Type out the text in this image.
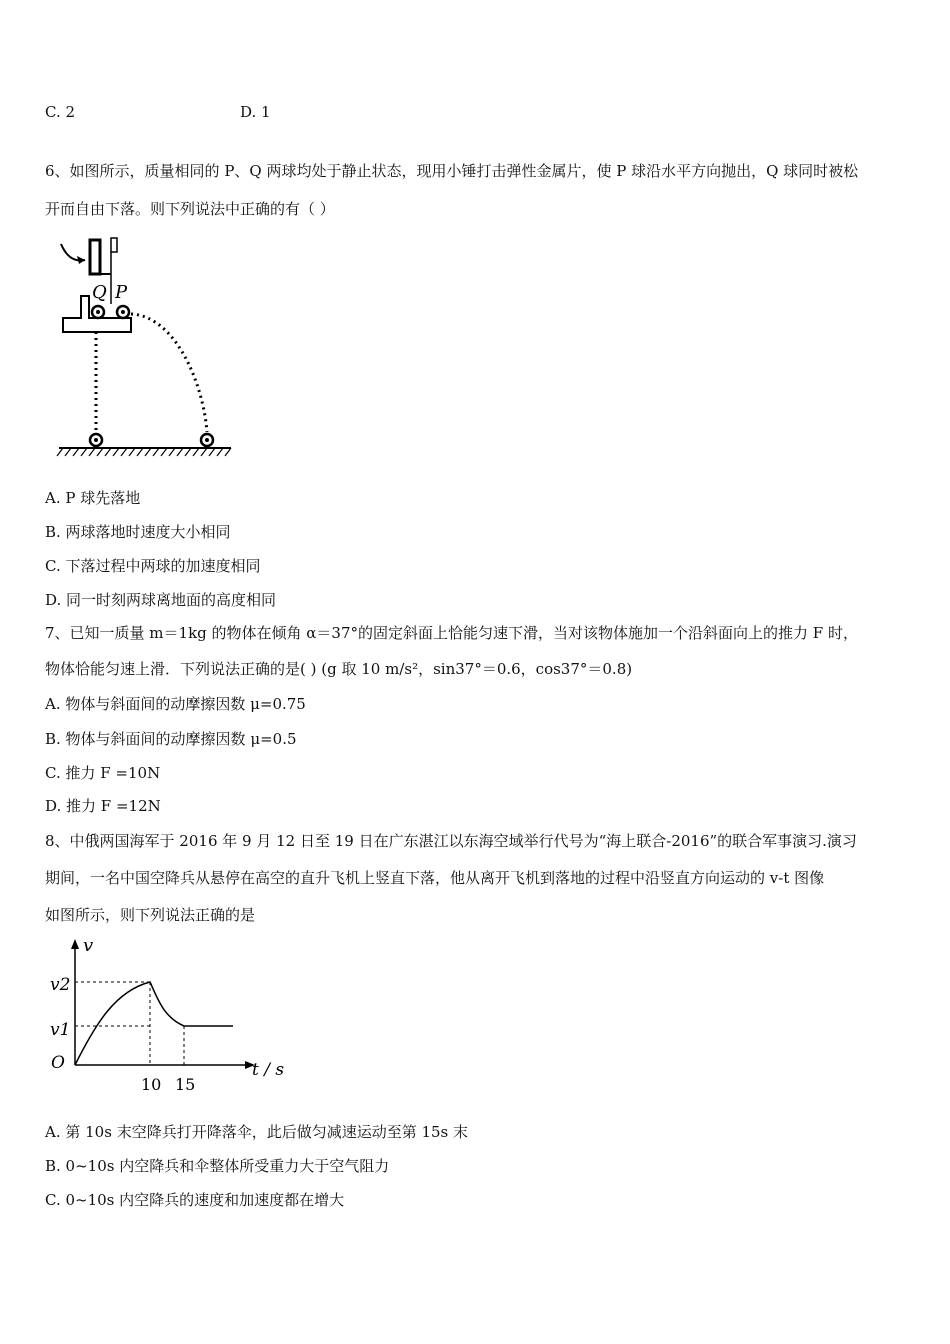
C. 2	D. 1
6、如图所示，质量相同的 P、Q 两球均处于静止状态，现用小锤打击弹性金属片，使 P 球沿水平方向抛出，Q 球同时被松
开而自由下落。则下列说法中正确的有（ ）
Q P
A. P 球先落地
B. 两球落地时速度大小相同
C. 下落过程中两球的加速度相同
D. 同一时刻两球离地面的高度相同
7、已知一质量 m＝1kg 的物体在倾角 α＝37°的固定斜面上恰能匀速下滑，当对该物体施加一个沿斜面向上的推力 F 时，
物体恰能匀速上滑．下列说法正确的是( ) (g 取 10 m/s²，sin37°＝0.6，cos37°＝0.8)
A. 物体与斜面间的动摩擦因数 μ=0.75
B. 物体与斜面间的动摩擦因数 μ=0.5
C. 推力 F =10N
D. 推力 F =12N
8、中俄两国海军于 2016 年 9 月 12 日至 19 日在广东湛江以东海空域举行代号为“海上联合-2016”的联合军事演习.演习
期间，一名中国空降兵从悬停在高空的直升飞机上竖直下落，他从离开飞机到落地的过程中沿竖直方向运动的 v-t 图像
如图所示，则下列说法正确的是
v
v2
v1
O
10 15
t / s
A. 第 10s 末空降兵打开降落伞，此后做匀减速运动至第 15s 末
B. 0~10s 内空降兵和伞整体所受重力大于空气阻力
C. 0~10s 内空降兵的速度和加速度都在增大
